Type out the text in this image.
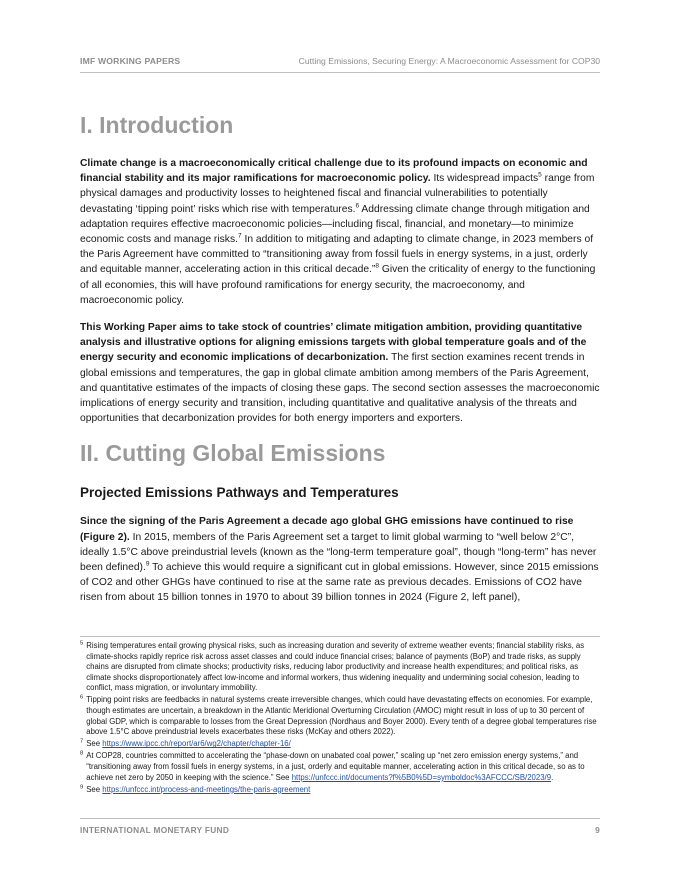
IMF WORKING PAPERS	Cutting Emissions, Securing Energy: A Macroeconomic Assessment for COP30
I. Introduction

Climate change is a macroeconomically critical challenge due to its profound impacts on economic and financial stability and its major ramifications for macroeconomic policy. Its widespread impacts$^5$ range from physical damages and productivity losses to heightened fiscal and financial vulnerabilities to potentially devastating ‘tipping point’ risks which rise with temperatures.$^6$ Addressing climate change through mitigation and adaptation requires effective macroeconomic policies—including fiscal, financial, and monetary—to minimize economic costs and manage risks.$^7$ In addition to mitigating and adapting to climate change, in 2023 members of the Paris Agreement have committed to “transitioning away from fossil fuels in energy systems, in a just, orderly and equitable manner, accelerating action in this critical decade.”$^8$ Given the criticality of energy to the functioning of all economies, this will have profound ramifications for energy security, the macroeconomy, and macroeconomic policy.

This Working Paper aims to take stock of countries’ climate mitigation ambition, providing quantitative analysis and illustrative options for aligning emissions targets with global temperature goals and of the energy security and economic implications of decarbonization. The first section examines recent trends in global emissions and temperatures, the gap in global climate ambition among members of the Paris Agreement, and quantitative estimates of the impacts of closing these gaps. The second section assesses the macroeconomic implications of energy security and transition, including quantitative and qualitative analysis of the threats and opportunities that decarbonization provides for both energy importers and exporters.

II. Cutting Global Emissions
Projected Emissions Pathways and Temperatures

Since the signing of the Paris Agreement a decade ago global GHG emissions have continued to rise (Figure 2). In 2015, members of the Paris Agreement set a target to limit global warming to “well below 2°C”, ideally 1.5°C above preindustrial levels (known as the “long-term temperature goal”, though “long-term” has never been defined).$^9$ To achieve this would require a significant cut in global emissions. However, since 2015 emissions of CO2 and other GHGs have continued to rise at the same rate as previous decades. Emissions of CO2 have risen from about 15 billion tonnes in 1970 to about 39 billion tonnes in 2024 (Figure 2, left panel),

$^5$ Rising temperatures entail growing physical risks, such as increasing duration and severity of extreme weather events; financial stability risks, as climate-shocks rapidly reprice risk across asset classes and could induce financial crises; balance of payments (BoP) and trade risks, as supply chains are disrupted from climate shocks; productivity risks, reducing labor productivity and increase health expenditures; and political risks, as climate shocks disproportionately affect low-income and informal workers, thus widening inequality and undermining social cohesion, leading to conflict, mass migration, or involuntary immobility.
$^6$ Tipping point risks are feedbacks in natural systems create irreversible changes, which could have devastating effects on economies. For example, though estimates are uncertain, a breakdown in the Atlantic Meridional Overturning Circulation (AMOC) might result in loss of up to 30 percent of global GDP, which is comparable to losses from the Great Depression (Nordhaus and Boyer 2000). Every tenth of a degree global temperatures rise above 1.5°C above preindustrial levels exacerbates these risks (McKay and others 2022).
$^7$ See https://www.ipcc.ch/report/ar6/wg2/chapter/chapter-16/
$^8$ At COP28, countries committed to accelerating the “phase-down on unabated coal power,” scaling up “net zero emission energy systems,” and “transitioning away from fossil fuels in energy systems, in a just, orderly and equitable manner, accelerating action in this critical decade, so as to achieve net zero by 2050 in keeping with the science.” See https://unfccc.int/documents?f%5B0%5D=symboldoc%3AFCCC/SB/2023/9.
$^9$ See https://unfccc.int/process-and-meetings/the-paris-agreement
INTERNATIONAL MONETARY FUND	9
